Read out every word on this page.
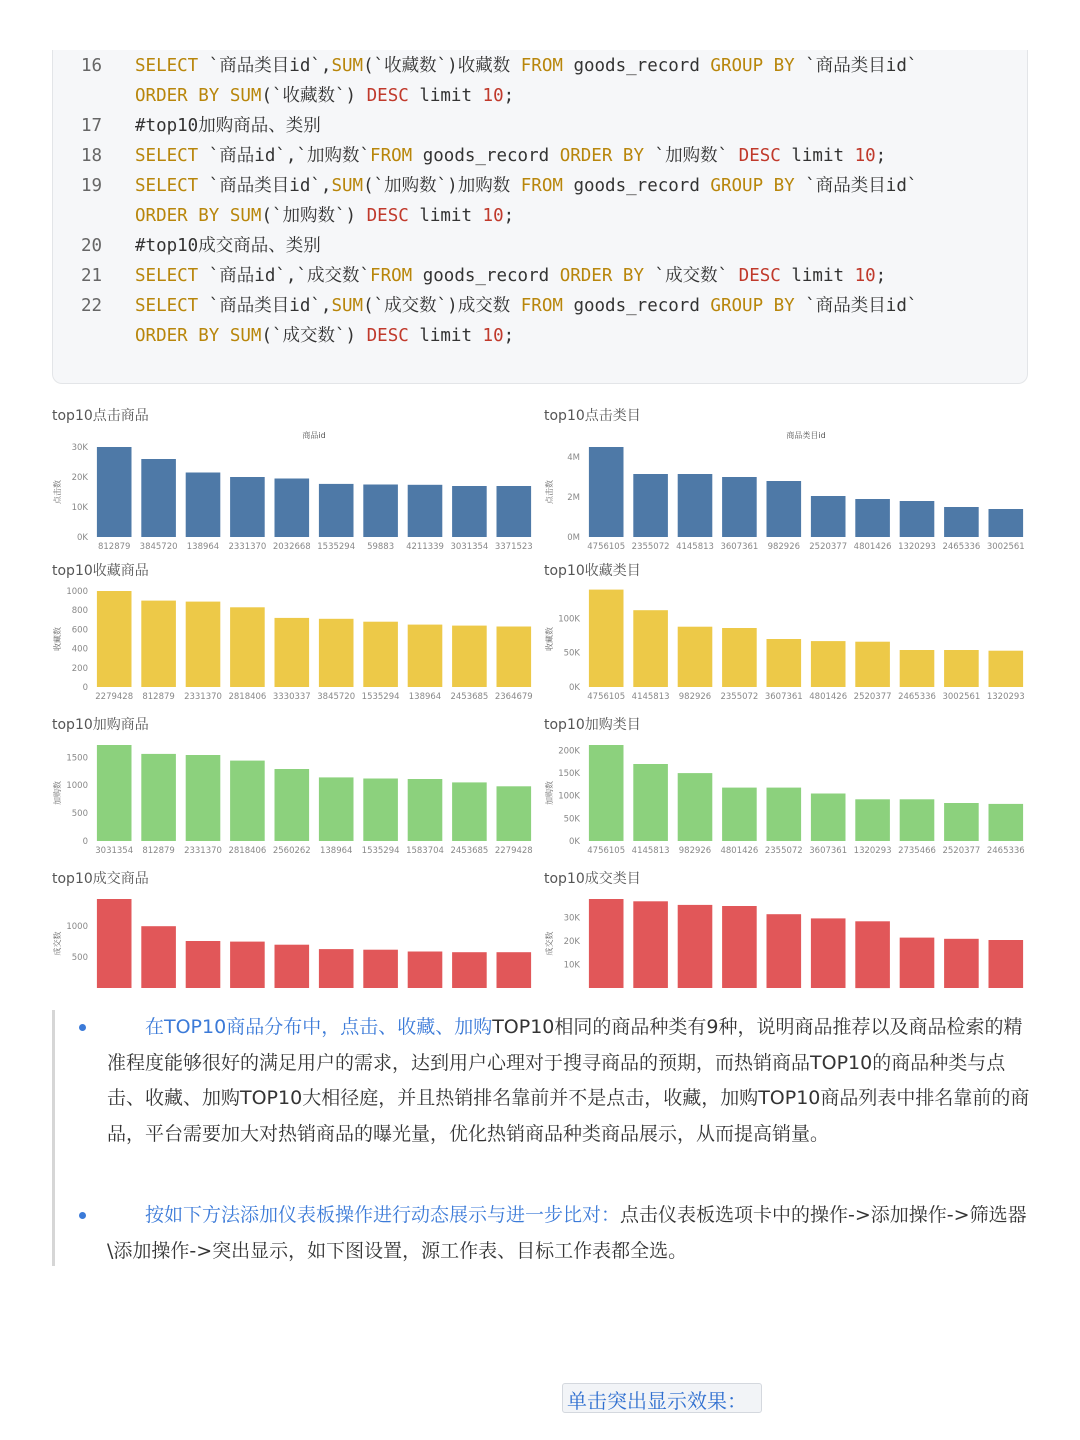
16	SELECT `商品类目id`,SUM(`收藏数`)收藏数 FROM goods_record GROUP BY `商品类目id`
ORDER BY SUM(`收藏数`) DESC limit 10;
17	#top10加购商品、类别
18	SELECT `商品id`,`加购数`FROM goods_record ORDER BY `加购数` DESC limit 10;
19	SELECT `商品类目id`,SUM(`加购数`)加购数 FROM goods_record GROUP BY `商品类目id`
ORDER BY SUM(`加购数`) DESC limit 10;
20	#top10成交商品、类别
21	SELECT `商品id`,`成交数`FROM goods_record ORDER BY `成交数` DESC limit 10;
22	SELECT `商品类目id`,SUM(`成交数`)成交数 FROM goods_record GROUP BY `商品类目id`
ORDER BY SUM(`成交数`) DESC limit 10;
top10点击商品
商品id
点击数
0K
10K
20K
30K
812879 3845720 138964 2331370 2032668 1535294 59883 4211339 3031354 3371523
top10点击类目
商品类目id
点击数
0M
2M
4M
4756105 2355072 4145813 3607361 982926 2520377 4801426 1320293 2465336 3002561
top10收藏商品
收藏数
0
200
400
600
800
1000
2279428 812879 2331370 2818406 3330337 3845720 1535294 138964 2453685 2364679
top10收藏类目
收藏数
0K
50K
100K
4756105 4145813 982926 2355072 3607361 4801426 2520377 2465336 3002561 1320293
top10加购商品
加购数
0
500
1000
1500
3031354 812879 2331370 2818406 2560262 138964 1535294 1583704 2453685 2279428
top10加购类目
加购数
0K
50K
100K
150K
200K
4756105 4145813 982926 4801426 2355072 3607361 1320293 2735466 2520377 2465336
top10成交商品
成交数
500
1000
top10成交类目
成交数
10K
20K
30K
在TOP10商品分布中，点击、收藏、加购TOP10相同的商品种类有9种，说明商品推荐以及商品检索的精准程度能够很好的满足用户的需求，达到用户心理对于搜寻商品的预期，而热销商品TOP10的商品种类与点击、收藏、加购TOP10大相径庭，并且热销排名靠前并不是点击，收藏，加购TOP10商品列表中排名靠前的商品，平台需要加大对热销商品的曝光量，优化热销商品种类商品展示，从而提高销量。
按如下方法添加仪表板操作进行动态展示与进一步比对：点击仪表板选项卡中的操作->添加操作->筛选器\添加操作->突出显示，如下图设置，源工作表、目标工作表都全选。
单击突出显示效果：
